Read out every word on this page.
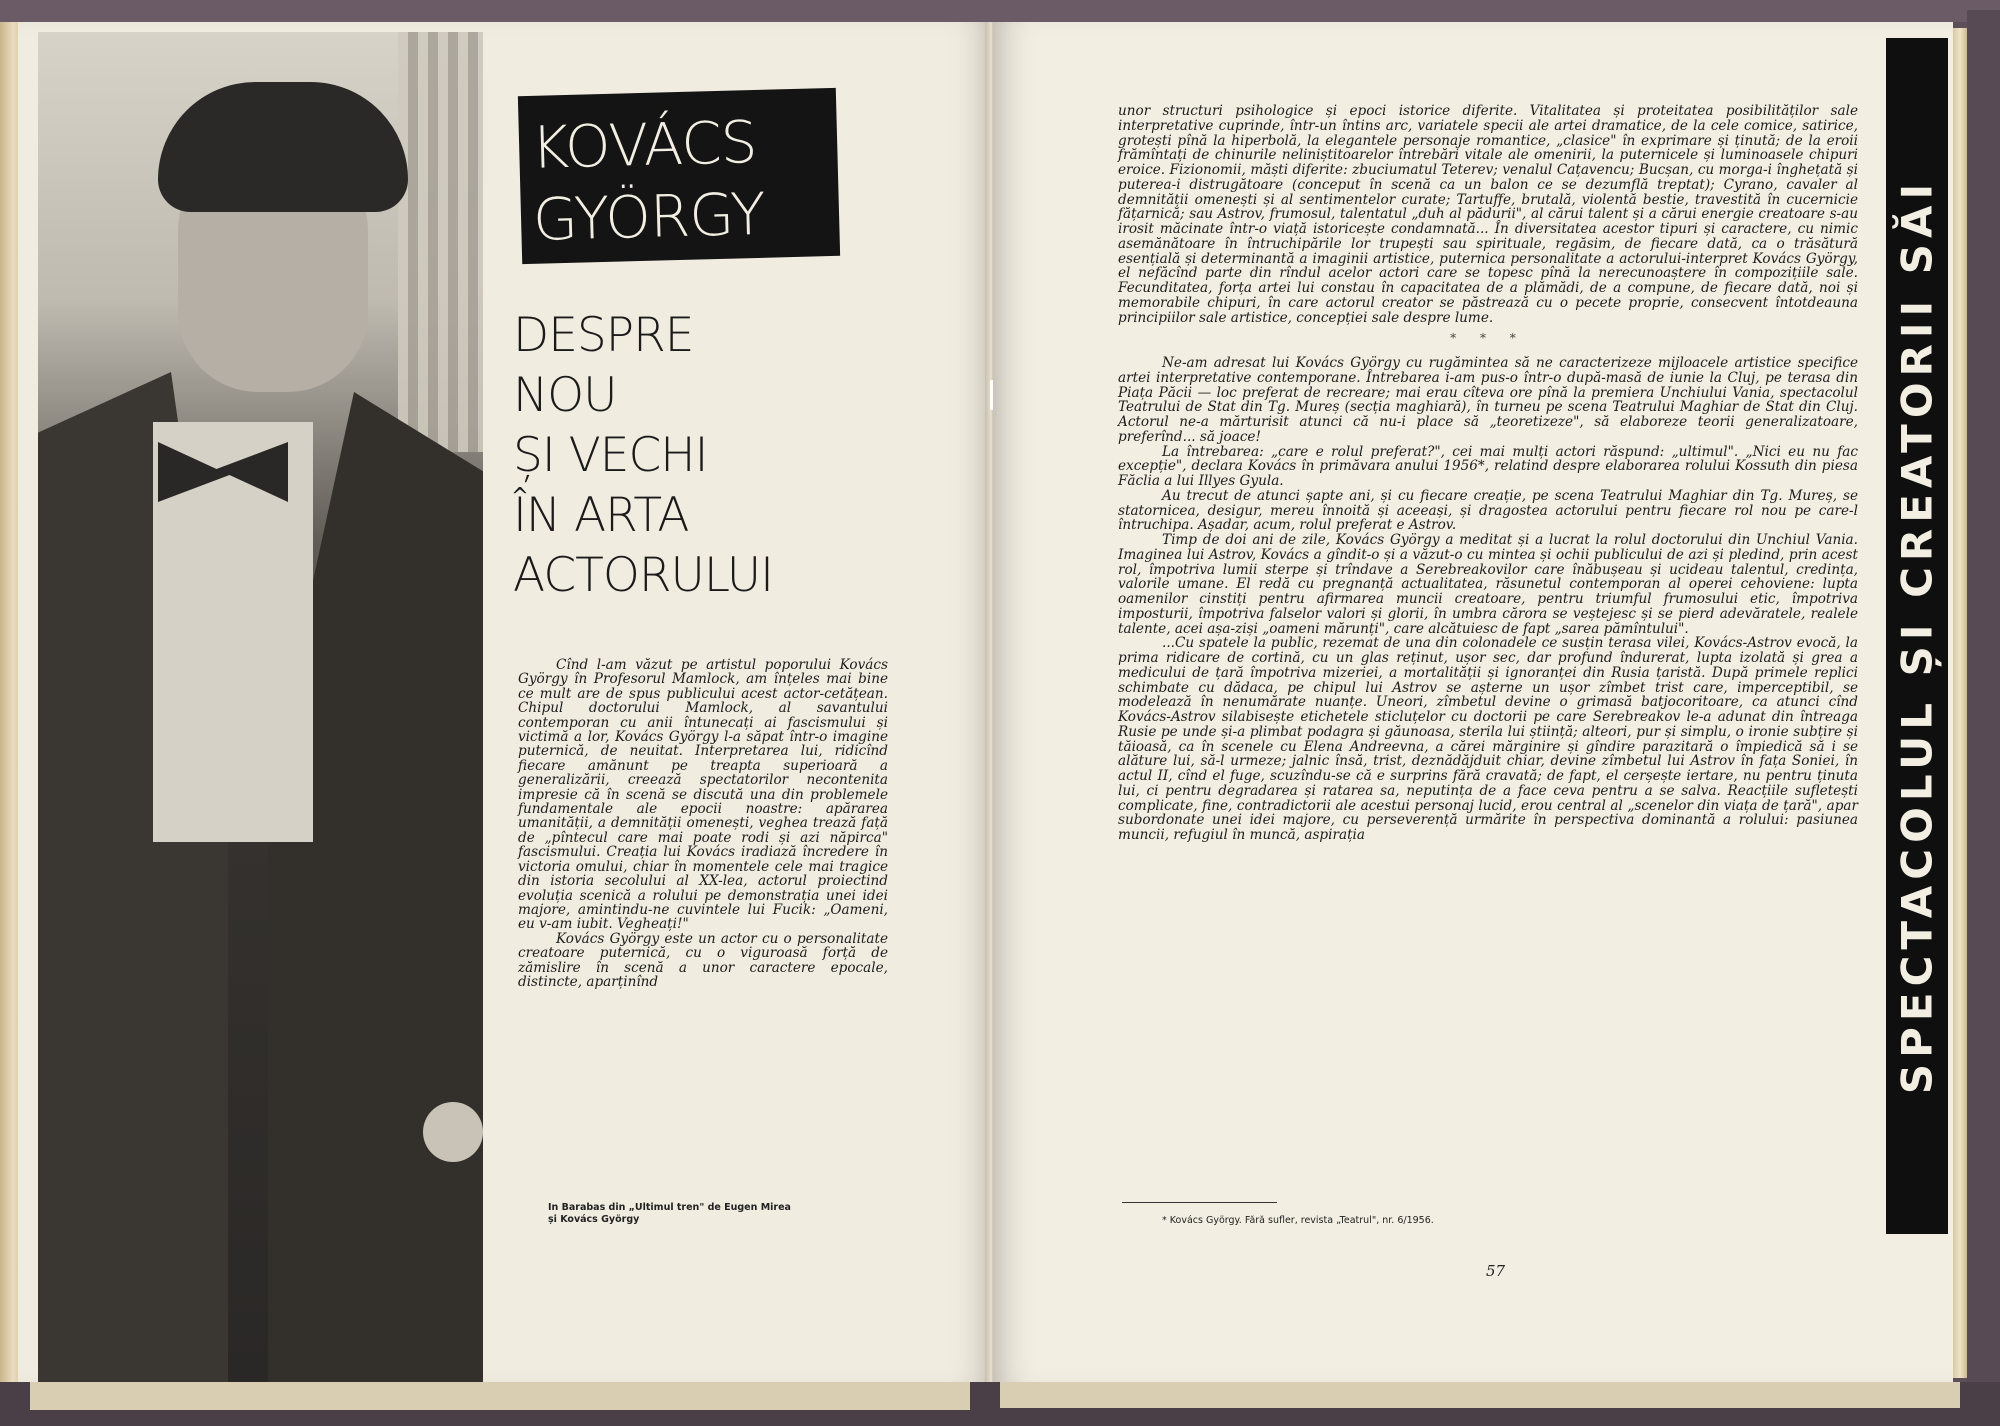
KOVÁCS
GYÖRGY
DESPRE
NOU
ȘI VECHI
ÎN ARTA
ACTORULUI

Cînd l-am văzut pe artistul poporului Kovács György în Profesorul Mamlock, am înțeles mai bine ce mult are de spus publicului acest actor-cetățean. Chipul doctorului Mamlock, al savantului contemporan cu anii întunecați ai fascismului și victimă a lor, Kovács György l-a săpat într-o imagine puternică, de neuitat. Interpretarea lui, ridicînd fiecare amănunt pe treapta superioară a generalizării, creează spectatorilor necontenita impresie că în scenă se discută una din problemele fundamentale ale epocii noastre: apărarea umanității, a demnității omenești, veghea trează față de „pîntecul care mai poate rodi și azi năpirca" fascismului. Creația lui Kovács iradiază încredere în victoria omului, chiar în momentele cele mai tragice din istoria secolului al XX-lea, actorul proiectind evoluția scenică a rolului pe demonstrația unei idei majore, amintindu-ne cuvintele lui Fucik: „Oameni, eu v-am iubit. Vegheați!"

Kovács György este un actor cu o personalitate creatoare puternică, cu o viguroasă forță de zămislire în scenă a unor caractere epocale, distincte, aparținînd

In Barabas din „Ultimul tren" de Eugen Mirea
și Kovács György

unor structuri psihologice și epoci istorice diferite. Vitalitatea și proteitatea posibilităților sale interpretative cuprinde, într-un întins arc, variatele specii ale artei dramatice, de la cele comice, satirice, grotești pînă la hiperbolă, la elegantele personaje romantice, „clasice" în exprimare și ținută; de la eroii frămîntați de chinurile neliniștitoarelor întrebări vitale ale omenirii, la puternicele și luminoasele chipuri eroice. Fizionomii, măști diferite: zbuciumatul Teterev; venalul Cațavencu; Bucșan, cu morga-i înghețată și puterea-i distrugătoare (conceput în scenă ca un balon ce se dezumflă treptat); Cyrano, cavaler al demnității omenești și al sentimentelor curate; Tartuffe, brutală, violentă bestie, travestită în cucernicie fățarnică; sau Astrov, frumosul, talentatul „duh al pădurii", al cărui talent și a cărui energie creatoare s-au irosit măcinate într-o viață istoricește condamnată... În diversitatea acestor tipuri și caractere, cu nimic asemănătoare în întruchipările lor trupești sau spirituale, regăsim, de fiecare dată, ca o trăsătură esențială și determinantă a imaginii artistice, puternica personalitate a actorului-interpret Kovács György, el nefăcînd parte din rîndul acelor actori care se topesc pînă la nerecunoaștere în compozițiile sale. Fecunditatea, forța artei lui constau în capacitatea de a plămădi, de a compune, de fiecare dată, noi și memorabile chipuri, în care actorul creator se păstrează cu o pecete proprie, consecvent întotdeauna principiilor sale artistice, concepției sale despre lume.

* * *

Ne-am adresat lui Kovács György cu rugămintea să ne caracterizeze mijloacele artistice specifice artei interpretative contemporane. Întrebarea i-am pus-o într-o după-masă de iunie la Cluj, pe terasa din Piața Păcii — loc preferat de recreare; mai erau cîteva ore pînă la premiera Unchiului Vania, spectacolul Teatrului de Stat din Tg. Mureș (secția maghiară), în turneu pe scena Teatrului Maghiar de Stat din Cluj. Actorul ne-a mărturisit atunci că nu-i place să „teoretizeze", să elaboreze teorii generalizatoare, preferînd... să joace!

La întrebarea: „care e rolul preferat?", cei mai mulți actori răspund: „ultimul". „Nici eu nu fac excepție", declara Kovács în primăvara anului 1956*, relatind despre elaborarea rolului Kossuth din piesa Făclia a lui Illyes Gyula.

Au trecut de atunci șapte ani, și cu fiecare creație, pe scena Teatrului Maghiar din Tg. Mureș, se statornicea, desigur, mereu înnoită și aceeași, și dragostea actorului pentru fiecare rol nou pe care-l întruchipa. Așadar, acum, rolul preferat e Astrov.

Timp de doi ani de zile, Kovács György a meditat și a lucrat la rolul doctorului din Unchiul Vania. Imaginea lui Astrov, Kovács a gîndit-o și a văzut-o cu mintea și ochii publicului de azi și pledind, prin acest rol, împotriva lumii sterpe și trîndave a Serebreakovilor care înăbușeau și ucideau talentul, credința, valorile umane. El redă cu pregnanță actualitatea, răsunetul contemporan al operei cehoviene: lupta oamenilor cinstiți pentru afirmarea muncii creatoare, pentru triumful frumosului etic, împotriva imposturii, împotriva falselor valori și glorii, în umbra cărora se veștejesc și se pierd adevăratele, realele talente, acei așa-ziși „oameni mărunți", care alcătuiesc de fapt „sarea pămîntului".

...Cu spatele la public, rezemat de una din colonadele ce susțin terasa vilei, Kovács-Astrov evocă, la prima ridicare de cortină, cu un glas reținut, ușor sec, dar profund îndurerat, lupta izolată și grea a medicului de țară împotriva mizeriei, a mortalității și ignoranței din Rusia țaristă. După primele replici schimbate cu dădaca, pe chipul lui Astrov se așterne un ușor zîmbet trist care, imperceptibil, se modelează în nenumărate nuanțe. Uneori, zîmbetul devine o grimasă batjocoritoare, ca atunci cînd Kovács-Astrov silabisește etichetele sticluțelor cu doctorii pe care Serebreakov le-a adunat din întreaga Rusie pe unde și-a plimbat podagra și găunoasa, sterila lui știință; alteori, pur și simplu, o ironie subțire și tăioasă, ca în scenele cu Elena Andreevna, a cărei mărginire și gîndire parazitară o împiedică să i se alăture lui, să-l urmeze; jalnic însă, trist, deznădăjduit chiar, devine zîmbetul lui Astrov în fața Soniei, în actul II, cînd el fuge, scuzîndu-se că e surprins fără cravată; de fapt, el cerșește iertare, nu pentru ținuta lui, ci pentru degradarea și ratarea sa, neputința de a face ceva pentru a se salva. Reacțiile sufletești complicate, fine, contradictorii ale acestui personaj lucid, erou central al „scenelor din viața de țară", apar subordonate unei idei majore, cu perseverență urmărite în perspectiva dominantă a rolului: pasiunea muncii, refugiul în muncă, aspirația

* Kovács György. Fără sufler, revista „Teatrul", nr. 6/1956.
57
SPECTACOLUL ȘI CREATORII SĂI
